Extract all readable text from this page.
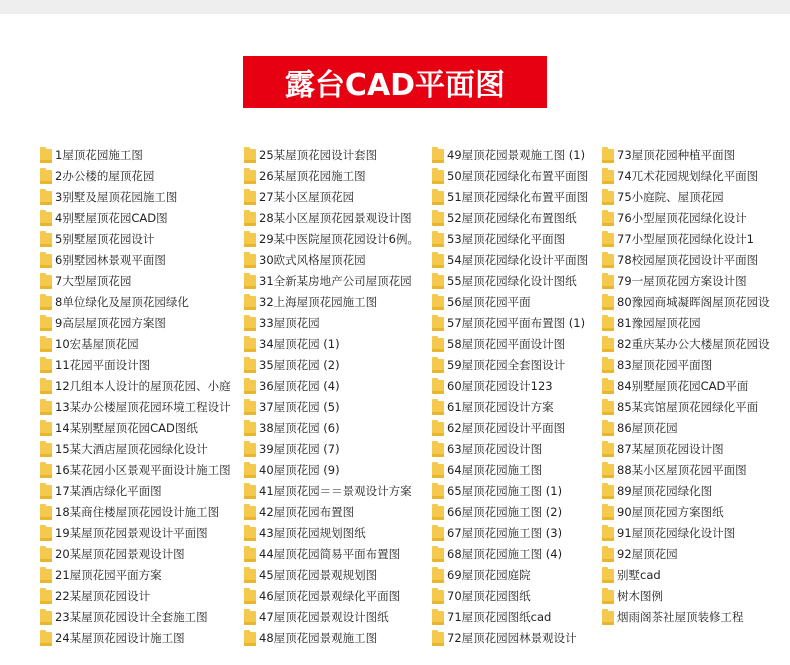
露台CAD平面图
1屋顶花园施工图
2办公楼的屋顶花园
3别墅及屋顶花园施工图
4别墅屋顶花园CAD图
5别墅屋顶花园设计
6别墅园林景观平面图
7大型屋顶花园
8单位绿化及屋顶花园绿化
9高层屋顶花园方案图
10宏基屋顶花园
11花园平面设计图
12几组本人设计的屋顶花园、小庭
13某办公楼屋顶花园环境工程设计
14某别墅屋顶花园CAD图纸
15某大酒店屋顶花园绿化设计
16某花园小区景观平面设计施工图
17某酒店绿化平面图
18某商住楼屋顶花园设计施工图
19某屋顶花园景观设计平面图
20某屋顶花园景观设计图
21屋顶花园平面方案
22某屋顶花园设计
23某屋顶花园设计全套施工图
24某屋顶花园设计施工图
25某屋顶花园设计套图
26某屋顶花园施工图
27某小区屋顶花园
28某小区屋顶花园景观设计图
29某中医院屋顶花园设计6例。
30欧式风格屋顶花园
31全新某房地产公司屋顶花园
32上海屋顶花园施工图
33屋顶花园
34屋顶花园 (1)
35屋顶花园 (2)
36屋顶花园 (4)
37屋顶花园 (5)
38屋顶花园 (6)
39屋顶花园 (7)
40屋顶花园 (9)
41屋顶花园＝＝景观设计方案
42屋顶花园布置图
43屋顶花园规划图纸
44屋顶花园简易平面布置图
45屋顶花园景观规划图
46屋顶花园景观绿化平面图
47屋顶花园景观设计图纸
48屋顶花园景观施工图
49屋顶花园景观施工图 (1)
50屋顶花园绿化布置平面图
51屋顶花园绿化布置平面图
52屋顶花园绿化布置图纸
53屋顶花园绿化平面图
54屋顶花园绿化设计平面图
55屋顶花园绿化设计图纸
56屋顶花园平面
57屋顶花园平面布置图 (1)
58屋顶花园平面设计图
59屋顶花园全套图设计
60屋顶花园设计123
61屋顶花园设计方案
62屋顶花园设计平面图
63屋顶花园设计图
64屋顶花园施工图
65屋顶花园施工图 (1)
66屋顶花园施工图 (2)
67屋顶花园施工图 (3)
68屋顶花园施工图 (4)
69屋顶花园庭院
70屋顶花园图纸
71屋顶花园图纸cad
72屋顶花园园林景观设计
73屋顶花园种植平面图
74兀术花园规划绿化平面图
75小庭院、屋顶花园
76小型屋顶花园绿化设计
77小型屋顶花园绿化设计1
78校园屋顶花园设计平面图
79一屋顶花园方案设计图
80豫园商城凝晖阁屋顶花园设
81豫园屋顶花园
82重庆某办公大楼屋顶花园设
83屋顶花园平面图
84别墅屋顶花园CAD平面
85某宾馆屋顶花园绿化平面
86屋顶花园
87某屋顶花园设计图
88某小区屋顶花园平面图
89屋顶花园绿化图
90屋顶花园方案图纸
91屋顶花园绿化设计图
92屋顶花园
别墅cad
树木图例
烟雨阁茶社屋顶装修工程
